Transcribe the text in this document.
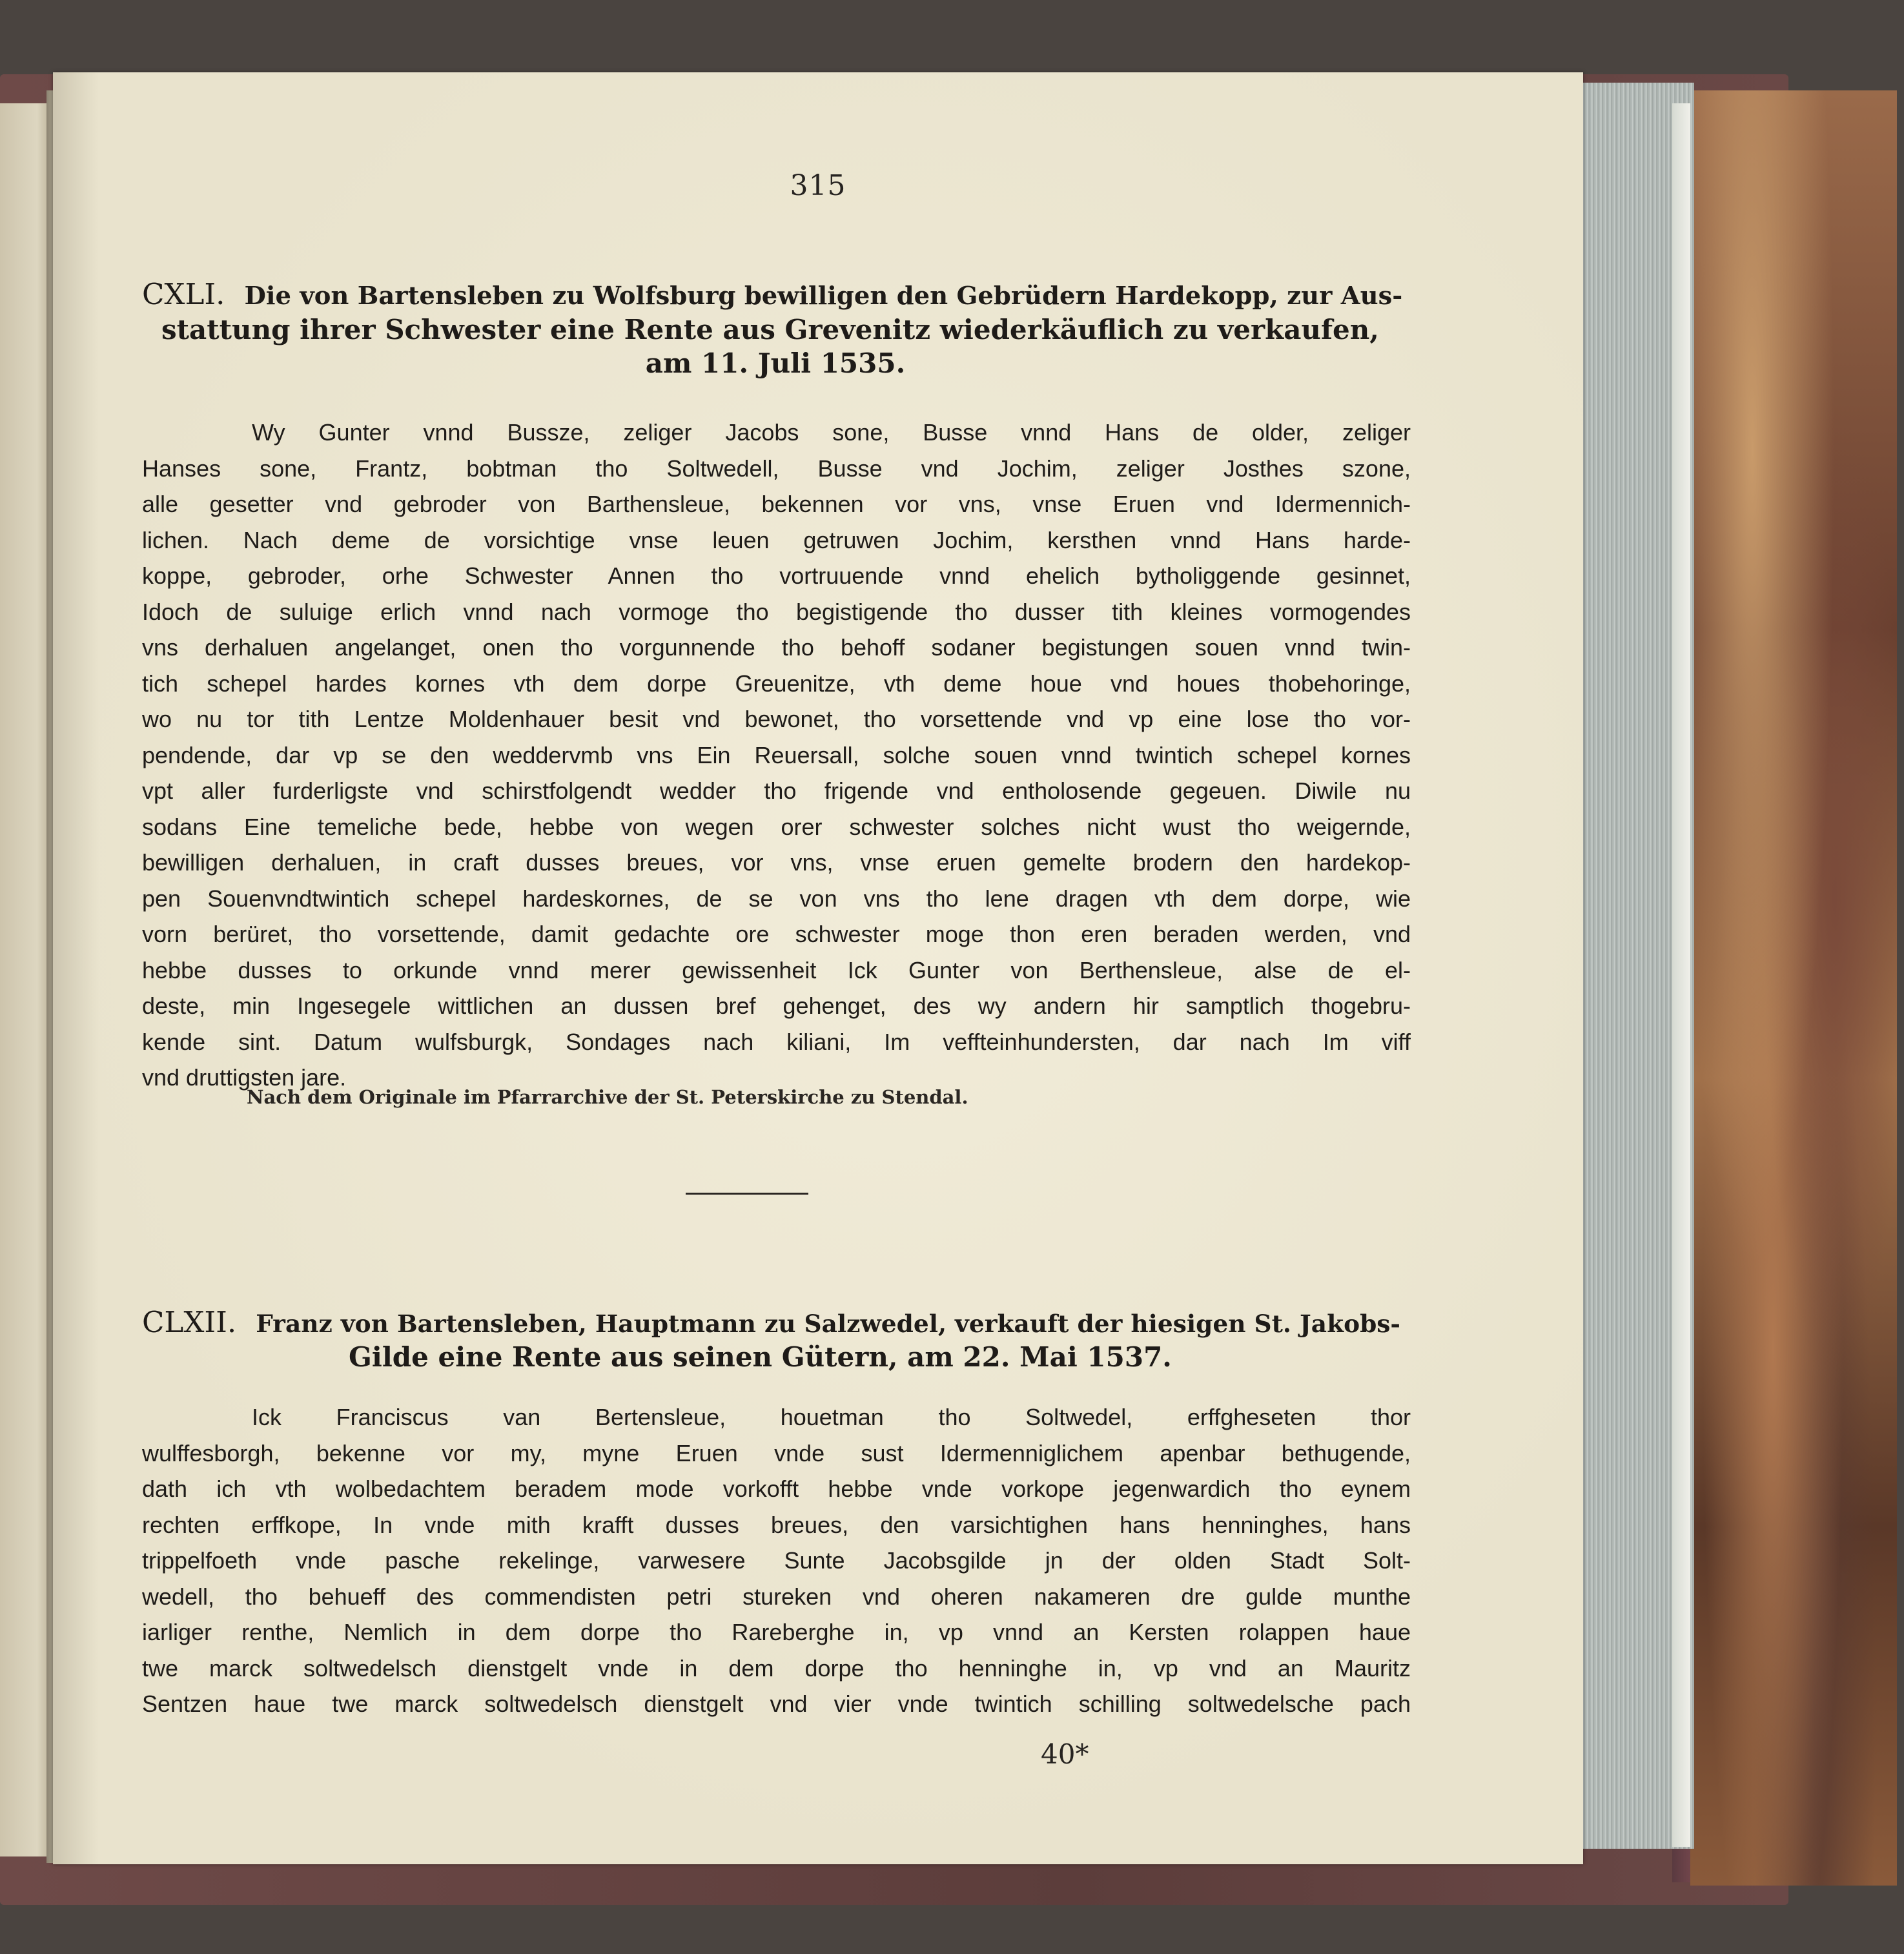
315
CXLI. Die von Bartensleben zu Wolfsburg bewilligen den Gebrüdern Hardekopp, zur Aus-
stattung ihrer Schwester eine Rente aus Grevenitz wiederkäuflich zu verkaufen,
am 11. Juli 1535.
Wy Gunter vnnd Bussze, zeliger Jacobs sone, Busse vnnd Hans de older, zeliger
Hanses sone, Frantz, bobtman tho Soltwedell, Busse vnd Jochim, zeliger Josthes szone,
alle gesetter vnd gebroder von Barthensleue, bekennen vor vns, vnse Eruen vnd Idermennich-
lichen. Nach deme de vorsichtige vnse leuen getruwen Jochim, kersthen vnnd Hans harde-
koppe, gebroder, orhe Schwester Annen tho vortruuende vnnd ehelich bytholiggende gesinnet,
Idoch de suluige erlich vnnd nach vormoge tho begistigende tho dusser tith kleines vormogendes
vns derhaluen angelanget, onen tho vorgunnende tho behoff sodaner begistungen souen vnnd twin-
tich schepel hardes kornes vth dem dorpe Greuenitze, vth deme houe vnd houes thobehoringe,
wo nu tor tith Lentze Moldenhauer besit vnd bewonet, tho vorsettende vnd vp eine lose tho vor-
pendende, dar vp se den weddervmb vns Ein Reuersall, solche souen vnnd twintich schepel kornes
vpt aller furderligste vnd schirstfolgendt wedder tho frigende vnd entholosende gegeuen. Diwile nu
sodans Eine temeliche bede, hebbe von wegen orer schwester solches nicht wust tho weigernde,
bewilligen derhaluen, in craft dusses breues, vor vns, vnse eruen gemelte brodern den hardekop-
pen Souenvndtwintich schepel hardeskornes, de se von vns tho lene dragen vth dem dorpe, wie
vorn berüret, tho vorsettende, damit gedachte ore schwester moge thon eren beraden werden, vnd
hebbe dusses to orkunde vnnd merer gewissenheit Ick Gunter von Berthensleue, alse de el-
deste, min Ingesegele wittlichen an dussen bref gehenget, des wy andern hir samptlich thogebru-
kende sint. Datum wulfsburgk, Sondages nach kiliani, Im veffteinhundersten, dar nach Im viff
vnd druttigsten jare.
Nach dem Originale im Pfarrarchive der St. Peterskirche zu Stendal.
CLXII. Franz von Bartensleben, Hauptmann zu Salzwedel, verkauft der hiesigen St. Jakobs-
Gilde eine Rente aus seinen Gütern, am 22. Mai 1537.
Ick Franciscus van Bertensleue, houetman tho Soltwedel, erffgheseten thor
wulffesborgh, bekenne vor my, myne Eruen vnde sust Idermenniglichem apenbar bethugende,
dath ich vth wolbedachtem beradem mode vorkofft hebbe vnde vorkope jegenwardich tho eynem
rechten erffkope, In vnde mith krafft dusses breues, den varsichtighen hans henninghes, hans
trippelfoeth vnde pasche rekelinge, varwesere Sunte Jacobsgilde jn der olden Stadt Solt-
wedell, tho behueff des commendisten petri stureken vnd oheren nakameren dre gulde munthe
iarliger renthe, Nemlich in dem dorpe tho Rareberghe in, vp vnnd an Kersten rolappen haue
twe marck soltwedelsch dienstgelt vnde in dem dorpe tho henninghe in, vp vnd an Mauritz
Sentzen haue twe marck soltwedelsch dienstgelt vnd vier vnde twintich schilling soltwedelsche pach
40*
